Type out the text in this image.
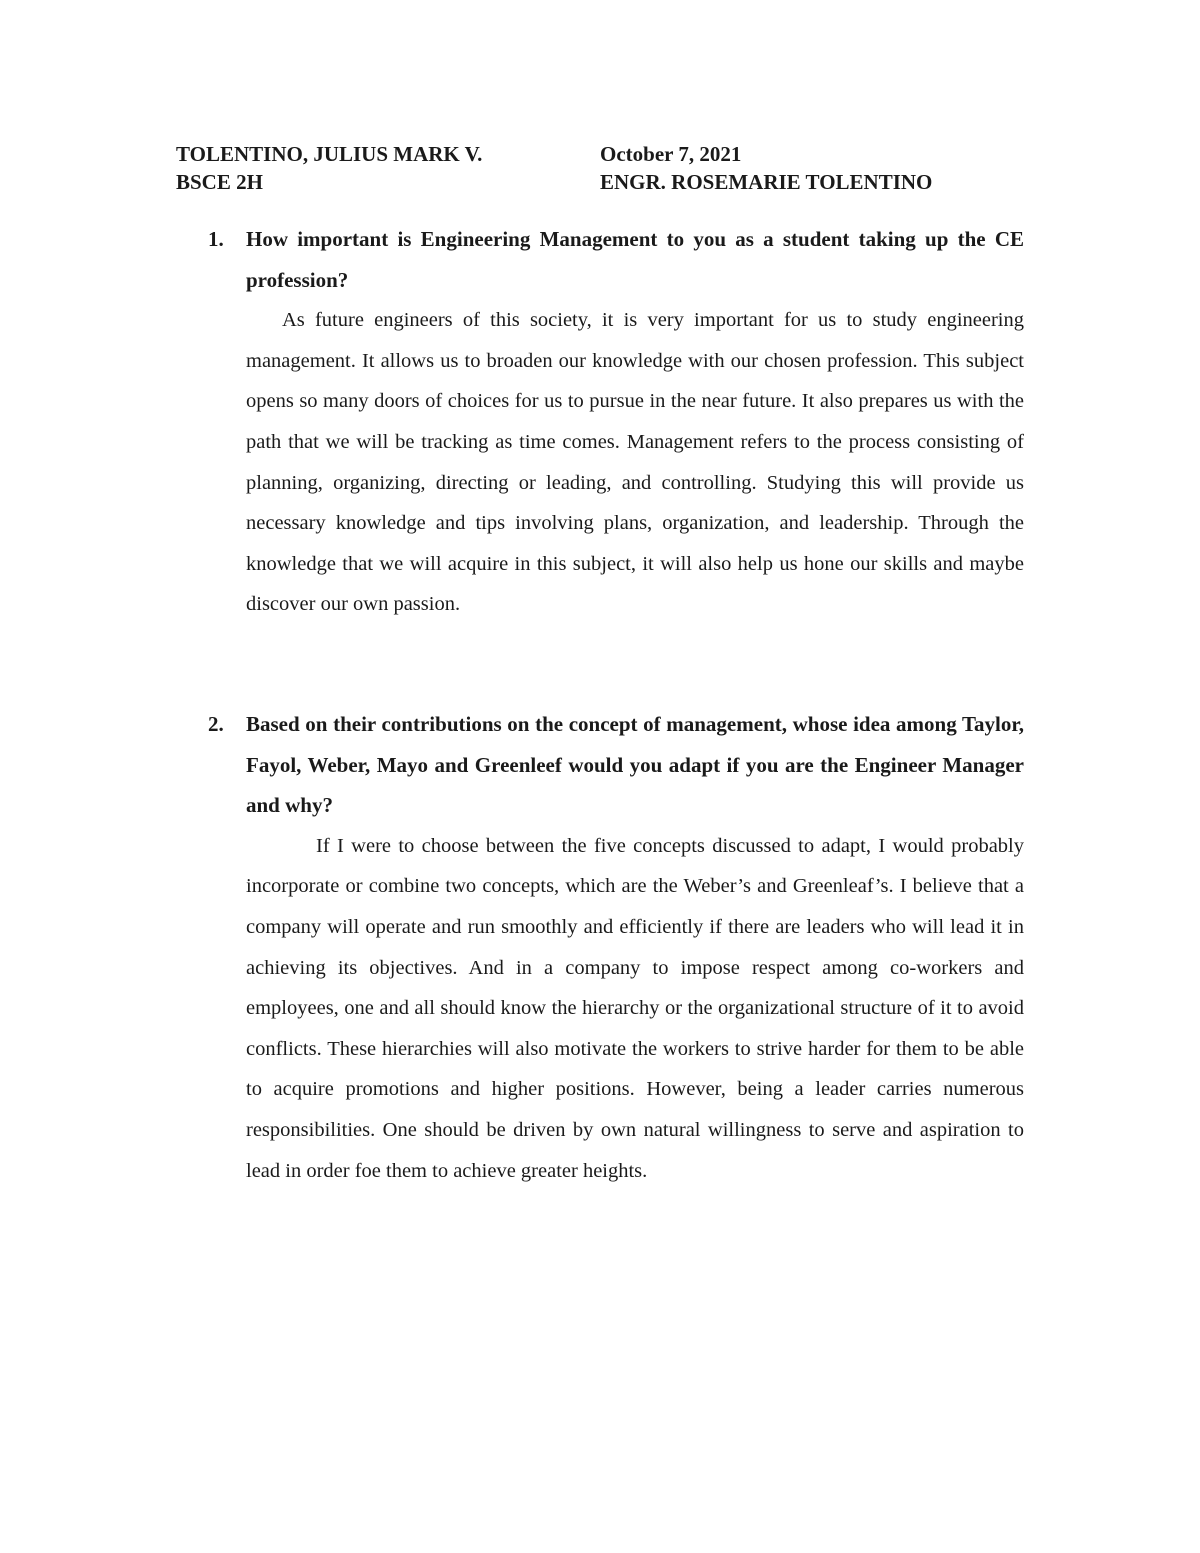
TOLENTINO, JULIUS MARK V.	October 7, 2021
BSCE 2H	ENGR. ROSEMARIE TOLENTINO
1. How important is Engineering Management to you as a student taking up the CE profession?
As future engineers of this society, it is very important for us to study engineering management. It allows us to broaden our knowledge with our chosen profession. This subject opens so many doors of choices for us to pursue in the near future. It also prepares us with the path that we will be tracking as time comes. Management refers to the process consisting of planning, organizing, directing or leading, and controlling. Studying this will provide us necessary knowledge and tips involving plans, organization, and leadership. Through the knowledge that we will acquire in this subject, it will also help us hone our skills and maybe discover our own passion.
2. Based on their contributions on the concept of management, whose idea among Taylor, Fayol, Weber, Mayo and Greenleef would you adapt if you are the Engineer Manager and why?
If I were to choose between the five concepts discussed to adapt, I would probably incorporate or combine two concepts, which are the Weber’s and Greenleaf’s. I believe that a company will operate and run smoothly and efficiently if there are leaders who will lead it in achieving its objectives. And in a company to impose respect among co-workers and employees, one and all should know the hierarchy or the organizational structure of it to avoid conflicts. These hierarchies will also motivate the workers to strive harder for them to be able to acquire promotions and higher positions. However, being a leader carries numerous responsibilities. One should be driven by own natural willingness to serve and aspiration to lead in order foe them to achieve greater heights.
